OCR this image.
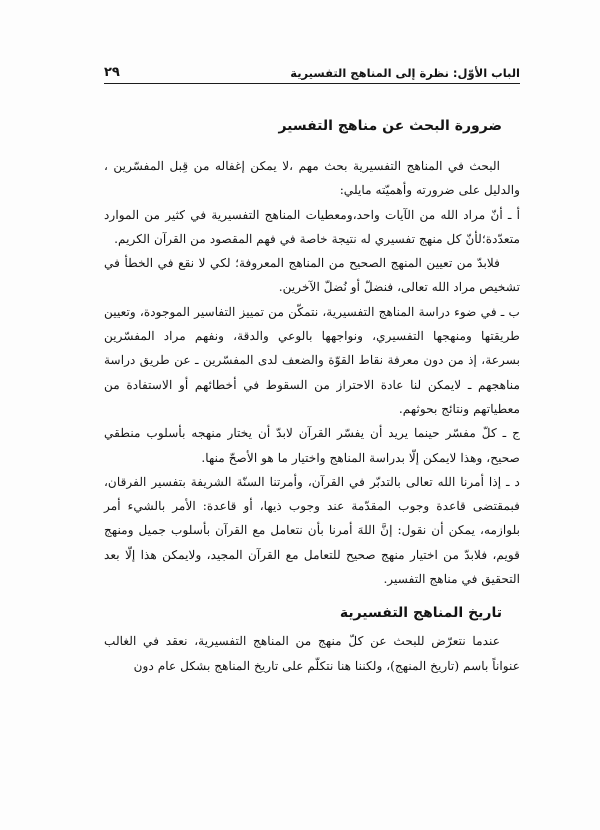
الباب الأوّل: نظرة إلى المناهج التفسيرية
٢٩
ضرورة البحث عن مناهج التفسير

البحث في المناهج التفسيرية بحث مهم ،لا يمكن إغفاله من قِبل المفسّرين ، والدليل على ضرورته وأهميّته مايلي:

أ ـ أنّ مراد الله من الآيات واحد،ومعطيات المناهج التفسيرية في كثير من الموارد متعدّدة؛لأنّ كل منهج تفسيري له نتيجة خاصة في فهم المقصود من القرآن الكريم.

فلابدّ من تعيين المنهج الصحيح من المناهج المعروفة؛ لكي لا نقع في الخطأ في تشخيص مراد الله تعالى، فنضلّ أو نُضلّ الآخرين.

ب ـ في ضوء دراسة المناهج التفسيرية، نتمكّن من تمييز التفاسير الموجودة، وتعيين طريقتها ومنهجها التفسيري، ونواجهها بالوعي والدقة، ونفهم مراد المفسّرين بسرعة، إذ من دون معرفة نقاط القوّة والضعف لدى المفسّرين ـ عن طريق دراسة مناهجهم ـ لايمكن لنا عادة الاحتراز من السقوط في أخطائهم أو الاستفادة من معطياتهم ونتائج بحوثهم.

ج ـ كلّ مفسّر حينما يريد أن يفسّر القرآن لابدّ أن يختار منهجه بأسلوب منطقي صحيح، وهذا لايمكن إلّا بدراسة المناهج واختيار ما هو الأصحّ منها.

د ـ إذا أمرنا الله تعالى بالتدبّر في القرآن، وأمرتنا السنّة الشريفة بتفسير الفرقان، فبمقتضى قاعدة وجوب المقدّمة عند وجوب ذيها، أو قاعدة: الأمر بالشيء أمر بلوازمه، يمكن أن نقول: إنَّ اللهَ أمرنا بأن نتعامل مع القرآن بأسلوب جميل ومنهج قويم، فلابدّ من اختيار منهج صحيح للتعامل مع القرآن المجيد، ولايمكن هذا إلّا بعد التحقيق في مناهج التفسير.

تاريخ المناهج التفسيرية

عندما نتعرّض للبحث عن كلّ منهج من المناهج التفسيرية، نعقد في الغالب عنواناً باسم (تاريخ المنهج)، ولكننا هنا نتكلّم على تاريخ المناهج بشكل عام دون
